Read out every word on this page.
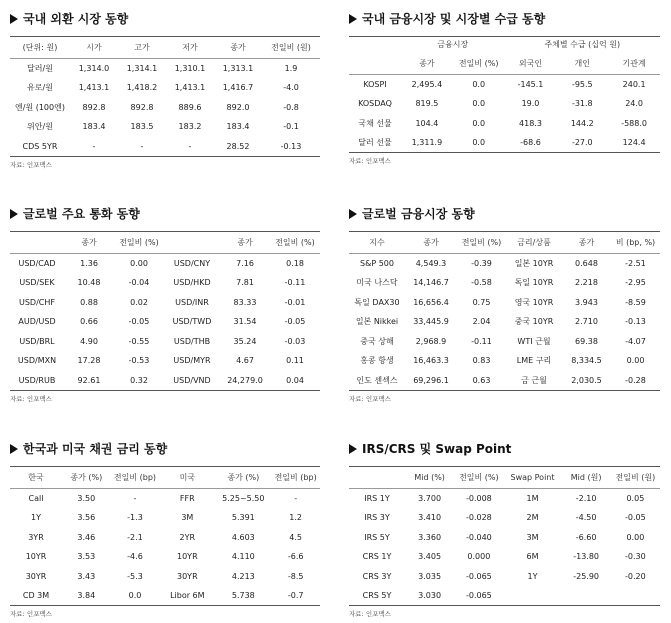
국내 외환 시장 동향
(단위: 원)	시가	고가	저가	종가	전일비 (원)
달러/원	1,314.0	1,314.1	1,310.1	1,313.1	1.9
유로/원	1,413.1	1,418.2	1,413.1	1,416.7	-4.0
엔/원 (100엔)	892.8	892.8	889.6	892.0	-0.8
위안/원	183.4	183.5	183.2	183.4	-0.1
CDS 5YR	-	-	-	28.52	-0.13
자료: 인포맥스
국내 금융시장 및 시장별 수급 동향
	금융시장		주체별 수급 (십억 원)		
	종가	전일비 (%)	외국인	개인	기관계
KOSPI	2,495.4	0.0	-145.1	-95.5	240.1
KOSDAQ	819.5	0.0	19.0	-31.8	24.0
국채 선물	104.4	0.0	418.3	144.2	-588.0
달러 선물	1,311.9	0.0	-68.6	-27.0	124.4
자료: 인포맥스
글로벌 주요 통화 동향
	종가	전일비 (%)		종가	전일비 (%)
USD/CAD	1.36	0.00	USD/CNY	7.16	0.18
USD/SEK	10.48	-0.04	USD/HKD	7.81	-0.11
USD/CHF	0.88	0.02	USD/INR	83.33	-0.01
AUD/USD	0.66	-0.05	USD/TWD	31.54	-0.05
USD/BRL	4.90	-0.55	USD/THB	35.24	-0.03
USD/MXN	17.28	-0.53	USD/MYR	4.67	0.11
USD/RUB	92.61	0.32	USD/VND	24,279.0	0.04
자료: 인포맥스
글로벌 금융시장 동향
지수	종가	전일비 (%)	금리/상품	종가	비 (bp, %)
S&P 500	4,549.3	-0.39	일본 10YR	0.648	-2.51
미국 나스닥	14,146.7	-0.58	독일 10YR	2.218	-2.95
독일 DAX30	16,656.4	0.75	영국 10YR	3.943	-8.59
일본 Nikkei	33,445.9	2.04	중국 10YR	2.710	-0.13
중국 상해	2,968.9	-0.11	WTI 근월	69.38	-4.07
홍콩 항생	16,463.3	0.83	LME 구리	8,334.5	0.00
인도 센섹스	69,296.1	0.63	금 근월	2,030.5	-0.28
자료: 인포맥스
한국과 미국 채권 금리 동향
한국	종가 (%)	전일비 (bp)	미국	종가 (%)	전일비 (bp)
Call	3.50	-	FFR	5.25~5.50	-
1Y	3.56	-1.3	3M	5.391	1.2
3YR	3.46	-2.1	2YR	4.603	4.5
10YR	3.53	-4.6	10YR	4.110	-6.6
30YR	3.43	-5.3	30YR	4.213	-8.5
CD 3M	3.84	0.0	Libor 6M	5.738	-0.7
자료: 인포맥스
IRS/CRS 및 Swap Point
	Mid (%)	전일비 (%)	Swap Point	Mid (원)	전일비 (원)
IRS 1Y	3.700	-0.008	1M	-2.10	0.05
IRS 3Y	3.410	-0.028	2M	-4.50	-0.05
IRS 5Y	3.360	-0.040	3M	-6.60	0.00
CRS 1Y	3.405	0.000	6M	-13.80	-0.30
CRS 3Y	3.035	-0.065	1Y	-25.90	-0.20
CRS 5Y	3.030	-0.065			
자료: 인포맥스
